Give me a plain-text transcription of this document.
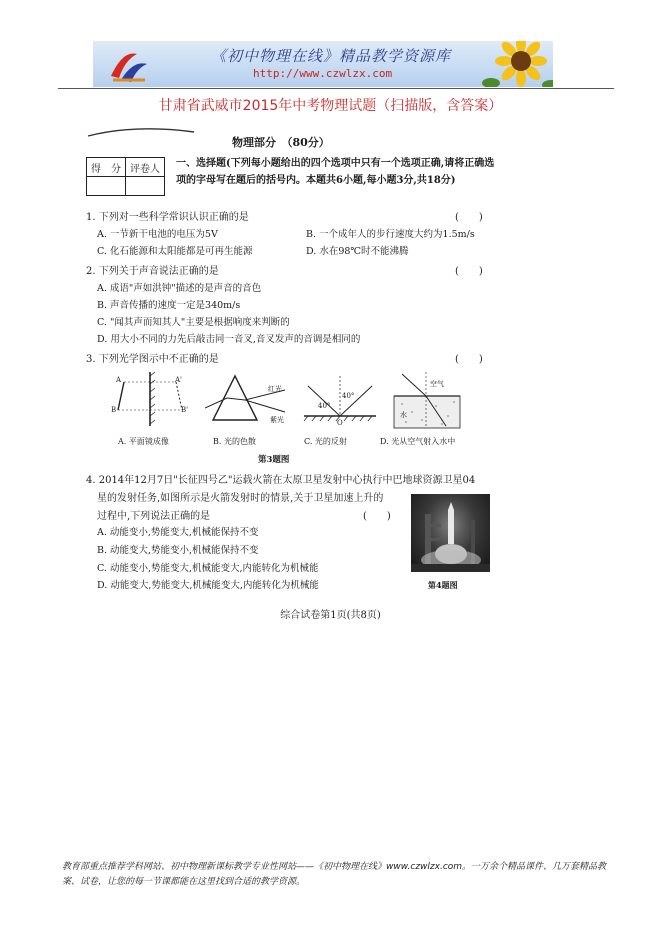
《初中物理在线》精品教学资源库
http://www.czwlzx.com
甘肃省武威市2015年中考物理试题（扫描版，含答案）
物理部分　（80分）
得　分	评卷人
	一、选择题(下列每小题给出的四个选项中只有一个选项正确,请将正确选项的字母写在题后的括号内。本题共6小题,每小题3分,共18分)
1. 下列对一些科学常识认识正确的是	(　　)
A. 一节新干电池的电压为5V	B. 一个成年人的步行速度大约为1.5m/s
C. 化石能源和太阳能都是可再生能源	D. 水在98℃时不能沸腾
2. 下列关于声音说法正确的是	(　　)
A. 成语"声如洪钟"描述的是声音的音色
B. 声音传播的速度一定是340m/s
C. "闻其声而知其人"主要是根据响度来判断的
D. 用大小不同的力先后敲击同一音叉,音叉发声的音调是相同的
3. 下列光学图示中不正确的是	(　　)
A	A'
B	B'
红光
紫光
40°
40°
O
空气
水
A. 平面镜成像	B. 光的色散	C. 光的反射	D. 光从空气射入水中
第3题图
4. 2014年12月7日"长征四号乙"运载火箭在太原卫星发射中心执行中巴地球资源卫星04
星的发射任务,如图所示是火箭发射时的情景,关于卫星加速上升的
过程中,下列说法正确的是	(　　)
A. 动能变小,势能变大,机械能保持不变
B. 动能变大,势能变小,机械能保持不变
C. 动能变小,势能变大,机械能变大,内能转化为机械能
D. 动能变大,势能变大,机械能变大,内能转化为机械能	第4题图
综合试卷第1页(共8页)
教育部重点推荐学科网站、初中物理新课标教学专业性网站——《初中物理在线》www.czwlzx.com。一万余个精品课件、几万套精品教案、试卷，让您的每一节课都能在这里找到合适的教学资源。
